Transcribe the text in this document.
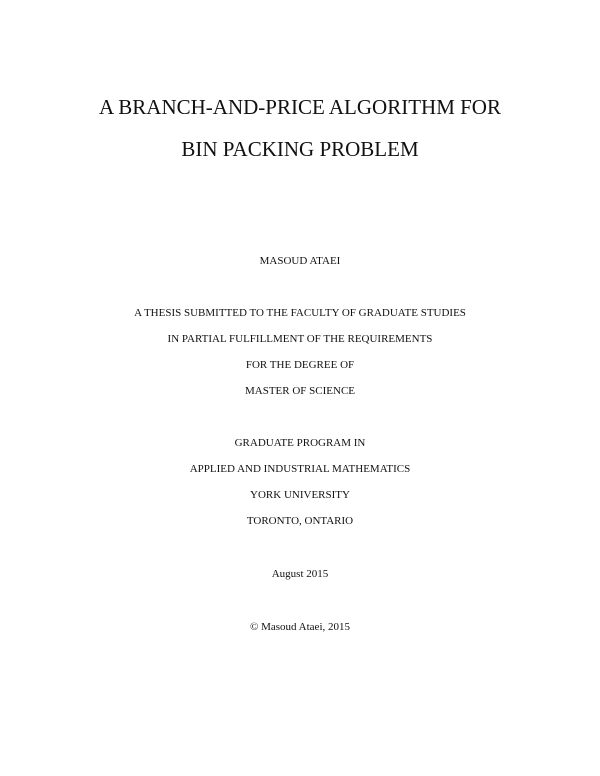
A BRANCH-AND-PRICE ALGORITHM FOR
BIN PACKING PROBLEM
MASOUD ATAEI
A THESIS SUBMITTED TO THE FACULTY OF GRADUATE STUDIES
IN PARTIAL FULFILLMENT OF THE REQUIREMENTS
FOR THE DEGREE OF
MASTER OF SCIENCE
GRADUATE PROGRAM IN
APPLIED AND INDUSTRIAL MATHEMATICS
YORK UNIVERSITY
TORONTO, ONTARIO
August 2015
© Masoud Ataei, 2015
